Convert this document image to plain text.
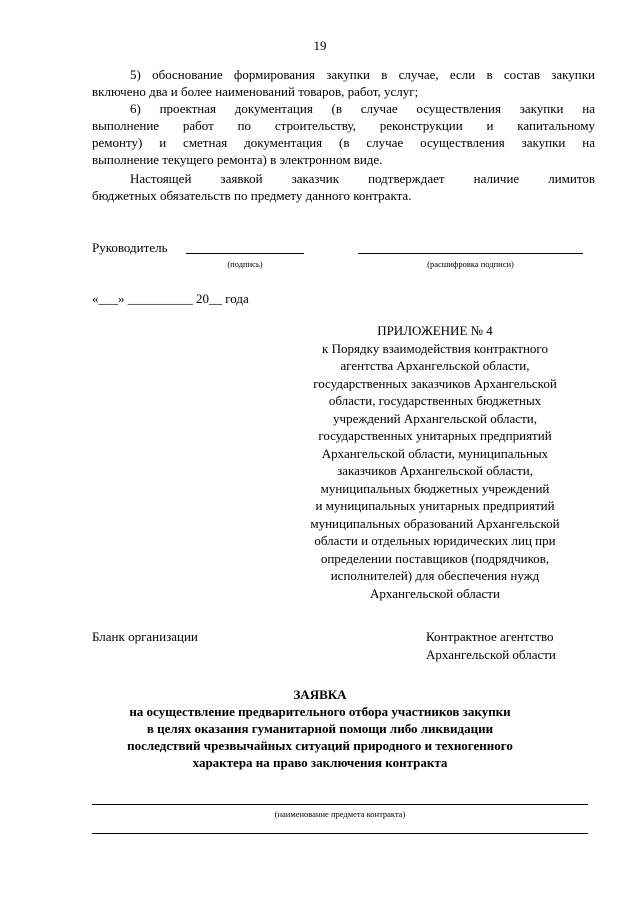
19
5) обоснование формирования закупки в случае, если в состав закупки
включено два и более наименований товаров, работ, услуг;
6) проектная документация (в случае осуществления закупки на
выполнение работ по строительству, реконструкции и капитальному
ремонту) и сметная документация (в случае осуществления закупки на
выполнение текущего ремонта) в электронном виде.
Настоящей заявкой заказчик подтверждает наличие лимитов
бюджетных обязательств по предмету данного контракта.
Руководитель
(подпись)	(расшифровка подписи)
«___» __________ 20__ года
ПРИЛОЖЕНИЕ № 4
к Порядку взаимодействия контрактного
агентства Архангельской области,
государственных заказчиков Архангельской
области, государственных бюджетных
учреждений Архангельской области,
государственных унитарных предприятий
Архангельской области, муниципальных
заказчиков Архангельской области,
муниципальных бюджетных учреждений
и муниципальных унитарных предприятий
муниципальных образований Архангельской
области и отдельных юридических лиц при
определении поставщиков (подрядчиков,
исполнителей) для обеспечения нужд
Архангельской области
Бланк организации	Контрактное агентство
Архангельской области
ЗАЯВКА
на осуществление предварительного отбора участников закупки
в целях оказания гуманитарной помощи либо ликвидации
последствий чрезвычайных ситуаций природного и техногенного
характера на право заключения контракта
(наименование предмета контракта)
